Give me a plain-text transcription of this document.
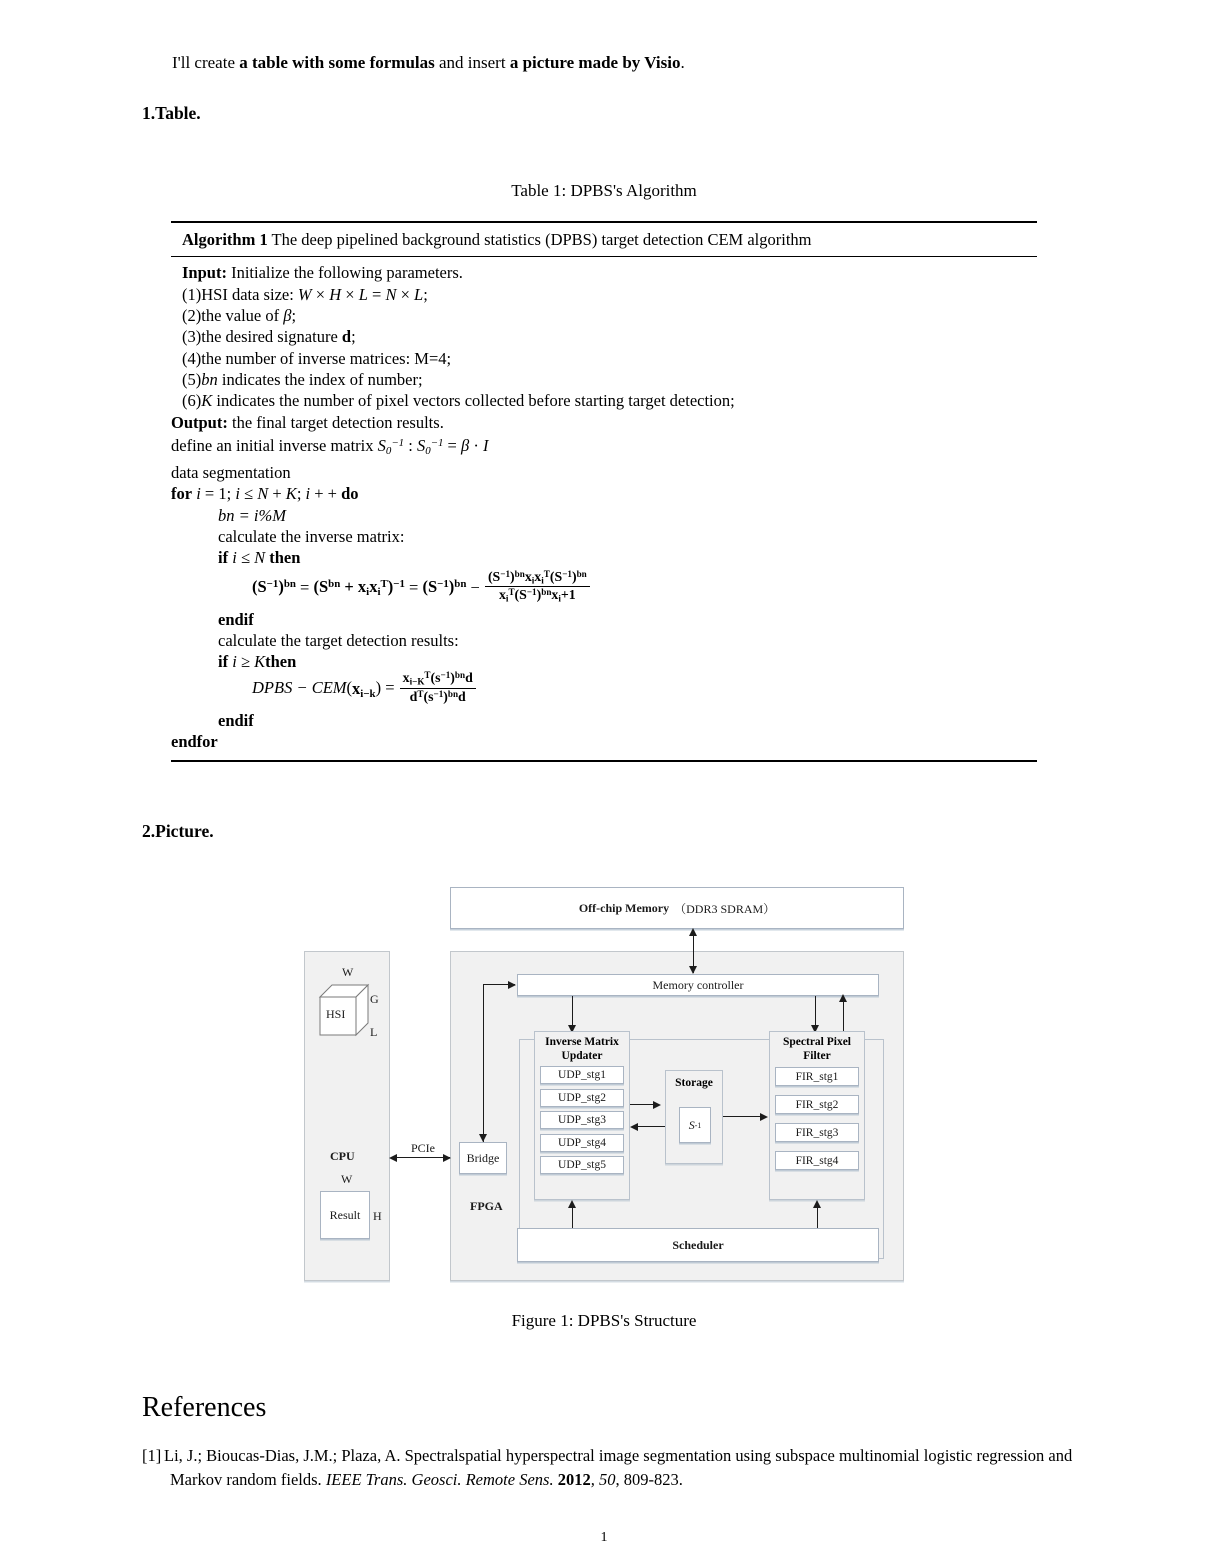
I'll create a table with some formulas and insert a picture made by Visio.
1.Table.
Table 1: DPBS's Algorithm
Algorithm 1 The deep pipelined background statistics (DPBS) target detection CEM algorithm
Input: Initialize the following parameters.
(1)HSI data size: W × H × L = N × L;
(2)the value of β;
(3)the desired signature d;
(4)the number of inverse matrices: M=4;
(5)bn indicates the index of number;
(6)K indicates the number of pixel vectors collected before starting target detection;
Output: the final target detection results.
define an initial inverse matrix $S_0^{-1}$ : $S_0^{-1} = \beta \cdot I$
data segmentation
for i = 1; i ≤ N + K; i + + do
bn = i%M
calculate the inverse matrix:
if i ≤ N then
$(S^{-1})^{bn} = (S^{bn} + x_ix_i^T)^{-1} = (S^{-1})^{bn} - \frac{(S^{-1})^{bn}x_ix_i^T(S^{-1})^{bn}}{x_i^T(S^{-1})^{bn}x_i+1}$
endif
calculate the target detection results:
if i ≥ Kthen
DPBS − $CEM(x_{i-k}) = \frac{x_{i-K}^T(s^{-1})^{bn}d}{d^T(s^{-1})^{bn}d}$
endif
endfor
2.Picture.
Off-chip Memory （DDR3 SDRAM）
HSI
W
G
L
CPU
Result
W
H
PCIe
Bridge
FPGA
Memory controller
Inverse Matrix
Updater
UDP_stg1
UDP_stg2
UDP_stg3
UDP_stg4
UDP_stg5
Storage
S -1
Spectral Pixel
Filter
FIR_stg1
FIR_stg2
FIR_stg3
FIR_stg4
Scheduler
Figure 1: DPBS's Structure
References
[1] Li, J.; Bioucas-Dias, J.M.; Plaza, A. Spectralspatial hyperspectral image segmentation using subspace multinomial logistic regression and Markov random fields. IEEE Trans. Geosci. Remote Sens. 2012, 50, 809-823.
1
